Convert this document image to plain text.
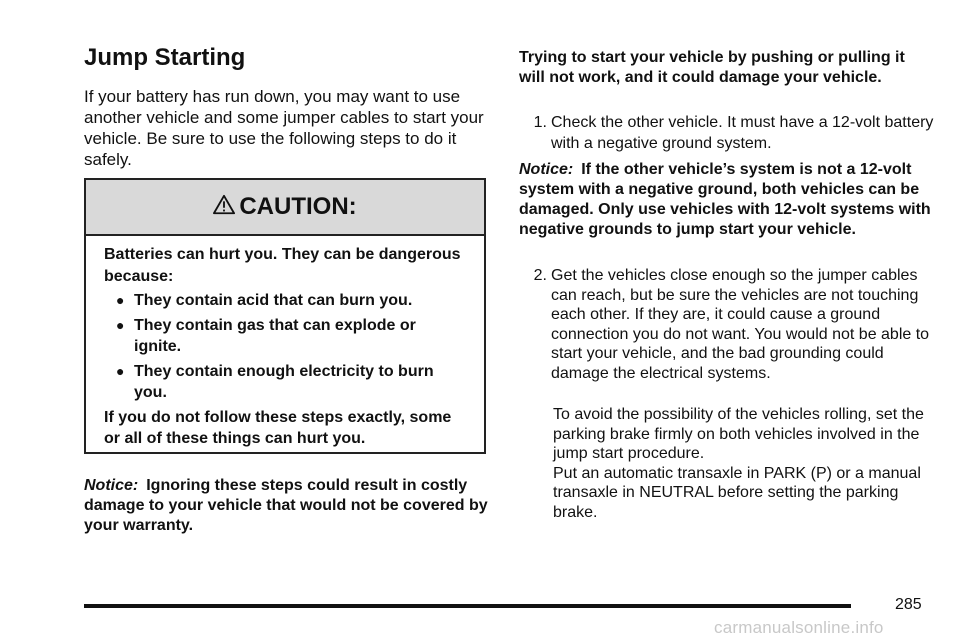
Jump Starting

If your battery has run down, you may want to use another vehicle and some jumper cables to start your vehicle. Be sure to use the following steps to do it safely.

CAUTION:

Batteries can hurt you. They can be dangerous because:

● They contain acid that can burn you.
● They contain gas that can explode or ignite.
● They contain enough electricity to burn you.

If you do not follow these steps exactly, some or all of these things can hurt you.

Notice: Ignoring these steps could result in costly damage to your vehicle that would not be covered by your warranty.

Trying to start your vehicle by pushing or pulling it will not work, and it could damage your vehicle.

1. Check the other vehicle. It must have a 12-volt battery with a negative ground system.

Notice: If the other vehicle’s system is not a 12-volt system with a negative ground, both vehicles can be damaged. Only use vehicles with 12-volt systems with negative grounds to jump start your vehicle.

2. Get the vehicles close enough so the jumper cables can reach, but be sure the vehicles are not touching each other. If they are, it could cause a ground connection you do not want. You would not be able to start your vehicle, and the bad grounding could damage the electrical systems.
To avoid the possibility of the vehicles rolling, set the parking brake firmly on both vehicles involved in the jump start procedure.
Put an automatic transaxle in PARK (P) or a manual transaxle in NEUTRAL before setting the parking brake.
285
carmanualsonline.info
